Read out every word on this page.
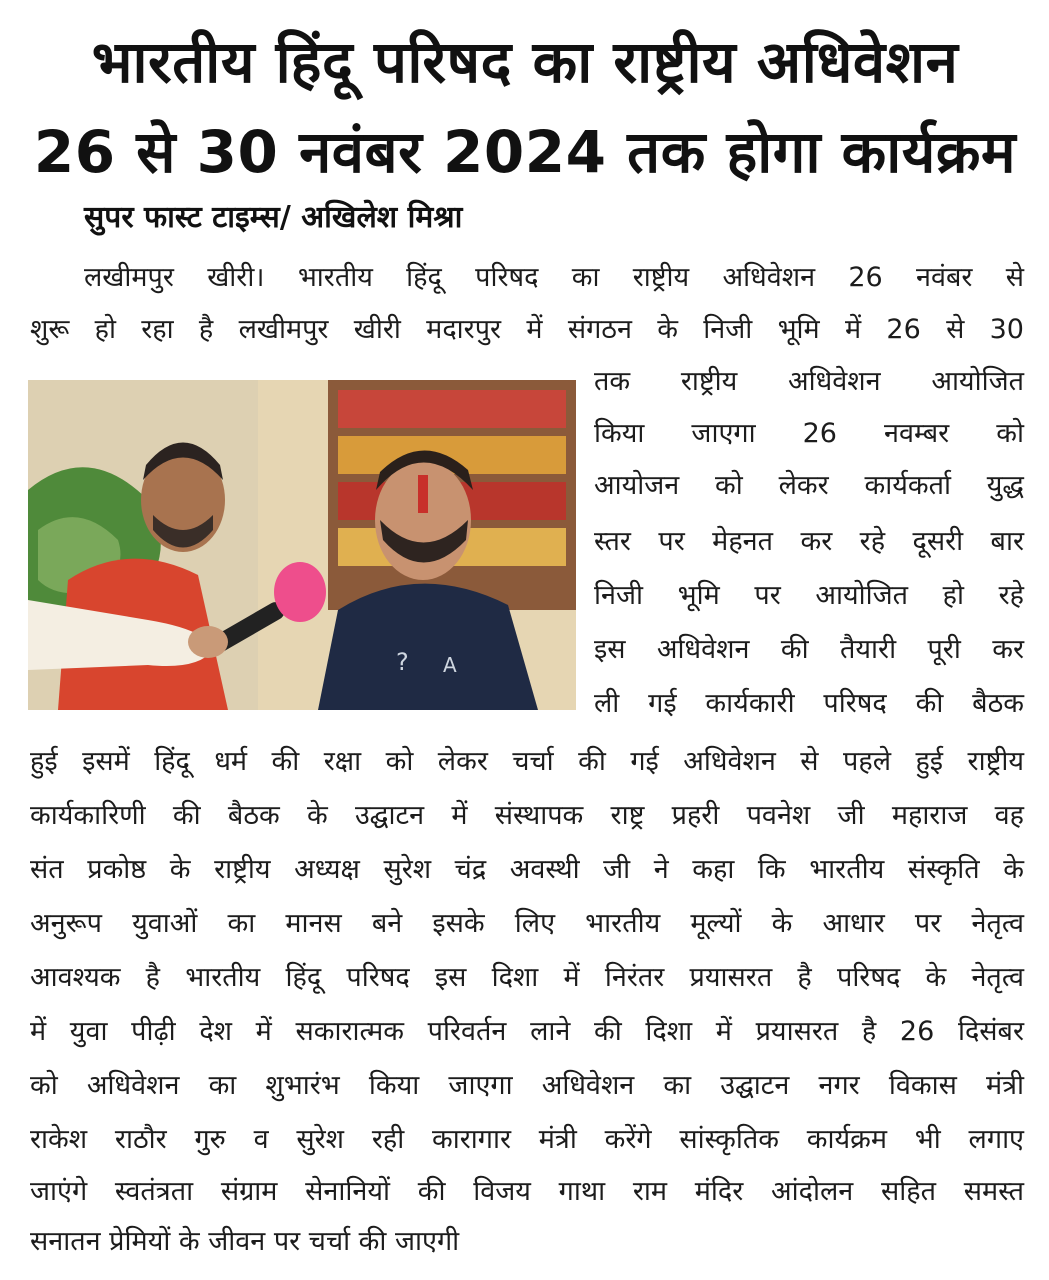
भारतीय हिंदू परिषद का राष्ट्रीय अधिवेशन
26 से 30 नवंबर 2024 तक होगा कार्यक्रम

सुपर फास्ट टाइम्स/ अखिलेश मिश्रा

लखीमपुर खीरी। भारतीय हिंदू परिषद का राष्ट्रीय अधिवेशन 26 नवंबर से

शुरू हो रहा है लखीमपुर खीरी मदारपुर में संगठन के निजी भूमि में 26 से 30

? A

तक राष्ट्रीय अधिवेशन आयोजित

किया जाएगा 26 नवम्बर को

आयोजन को लेकर कार्यकर्ता युद्ध

स्तर पर मेहनत कर रहे दूसरी बार

निजी भूमि पर आयोजित हो रहे

इस अधिवेशन की तैयारी पूरी कर

ली गई कार्यकारी परिषद की बैठक

हुई इसमें हिंदू धर्म की रक्षा को लेकर चर्चा की गई अधिवेशन से पहले हुई राष्ट्रीय

कार्यकारिणी की बैठक के उद्घाटन में संस्थापक राष्ट्र प्रहरी पवनेश जी महाराज वह

संत प्रकोष्ठ के राष्ट्रीय अध्यक्ष सुरेश चंद्र अवस्थी जी ने कहा कि भारतीय संस्कृति के

अनुरूप युवाओं का मानस बने इसके लिए भारतीय मूल्यों के आधार पर नेतृत्व

आवश्यक है भारतीय हिंदू परिषद इस दिशा में निरंतर प्रयासरत है परिषद के नेतृत्व

में युवा पीढ़ी देश में सकारात्मक परिवर्तन लाने की दिशा में प्रयासरत है 26 दिसंबर

को अधिवेशन का शुभारंभ किया जाएगा अधिवेशन का उद्घाटन नगर विकास मंत्री

राकेश राठौर गुरु व सुरेश रही कारागार मंत्री करेंगे सांस्कृतिक कार्यक्रम भी लगाए

जाएंगे स्वतंत्रता संग्राम सेनानियों की विजय गाथा राम मंदिर आंदोलन सहित समस्त

सनातन प्रेमियों के जीवन पर चर्चा की जाएगी
